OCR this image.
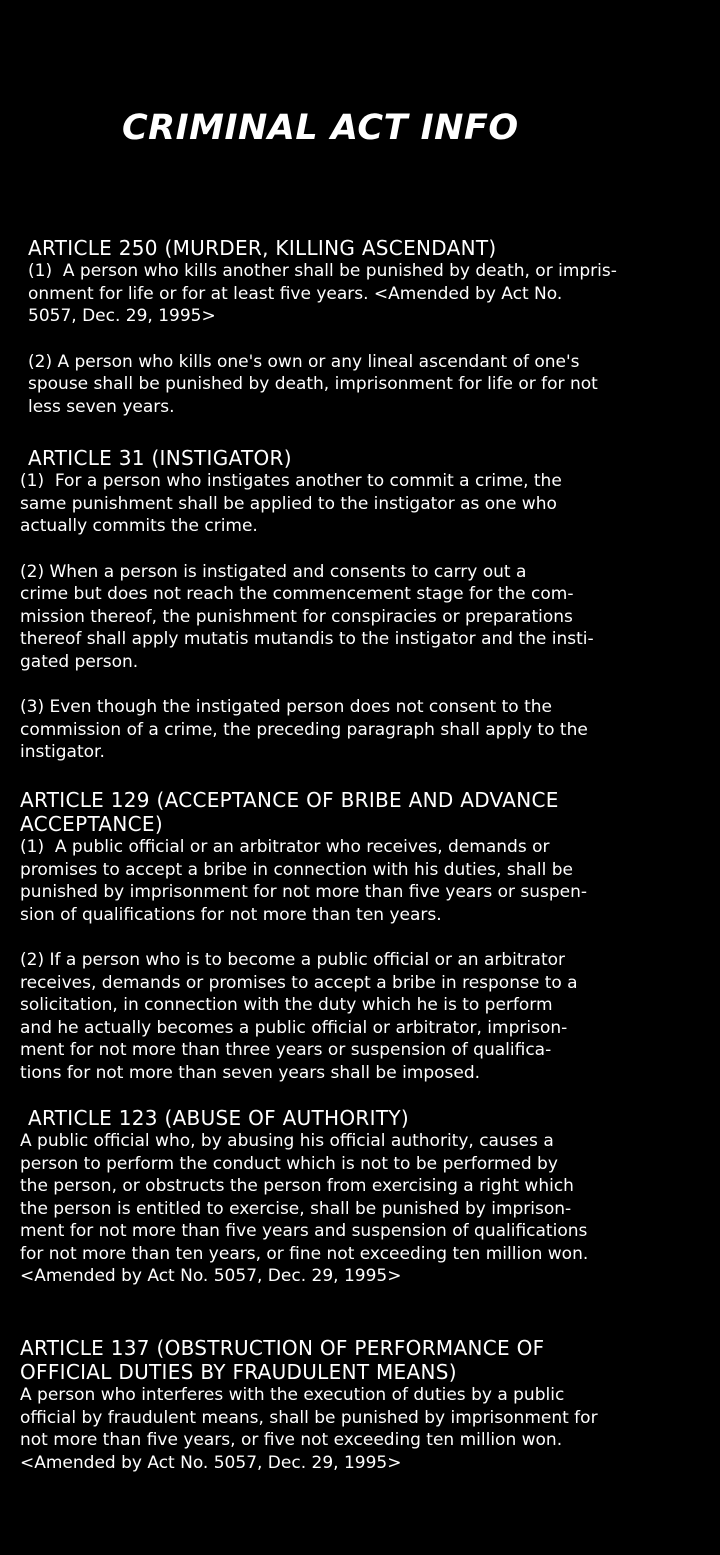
CRIMINAL ACT INFO
ARTICLE 250 (MURDER, KILLING ASCENDANT)

(1)  A person who kills another shall be punished by death, or impris-
onment for life or for at least five years. <Amended by Act No.
5057, Dec. 29, 1995>

(2) A person who kills one's own or any lineal ascendant of one's
spouse shall be punished by death, imprisonment for life or for not
less seven years.

ARTICLE 31 (INSTIGATOR)

(1)  For a person who instigates another to commit a crime, the
same punishment shall be applied to the instigator as one who
actually commits the crime.

(2) When a person is instigated and consents to carry out a
crime but does not reach the commencement stage for the com-
mission thereof, the punishment for conspiracies or preparations
thereof shall apply mutatis mutandis to the instigator and the insti-
gated person.

(3) Even though the instigated person does not consent to the
commission of a crime, the preceding paragraph shall apply to the
instigator.

ARTICLE 129 (ACCEPTANCE OF BRIBE AND ADVANCE
ACCEPTANCE)

(1)  A public official or an arbitrator who receives, demands or
promises to accept a bribe in connection with his duties, shall be
punished by imprisonment for not more than five years or suspen-
sion of qualifications for not more than ten years.

(2) If a person who is to become a public official or an arbitrator
receives, demands or promises to accept a bribe in response to a
solicitation, in connection with the duty which he is to perform
and he actually becomes a public official or arbitrator, imprison-
ment for not more than three years or suspension of qualifica-
tions for not more than seven years shall be imposed.

ARTICLE 123 (ABUSE OF AUTHORITY)

A public official who, by abusing his official authority, causes a
person to perform the conduct which is not to be performed by
the person, or obstructs the person from exercising a right which
the person is entitled to exercise, shall be punished by imprison-
ment for not more than five years and suspension of qualifications
for not more than ten years, or fine not exceeding ten million won.
<Amended by Act No. 5057, Dec. 29, 1995>

ARTICLE 137 (OBSTRUCTION OF PERFORMANCE OF
OFFICIAL DUTIES BY FRAUDULENT MEANS)

A person who interferes with the execution of duties by a public
official by fraudulent means, shall be punished by imprisonment for
not more than five years, or five not exceeding ten million won.
<Amended by Act No. 5057, Dec. 29, 1995>
